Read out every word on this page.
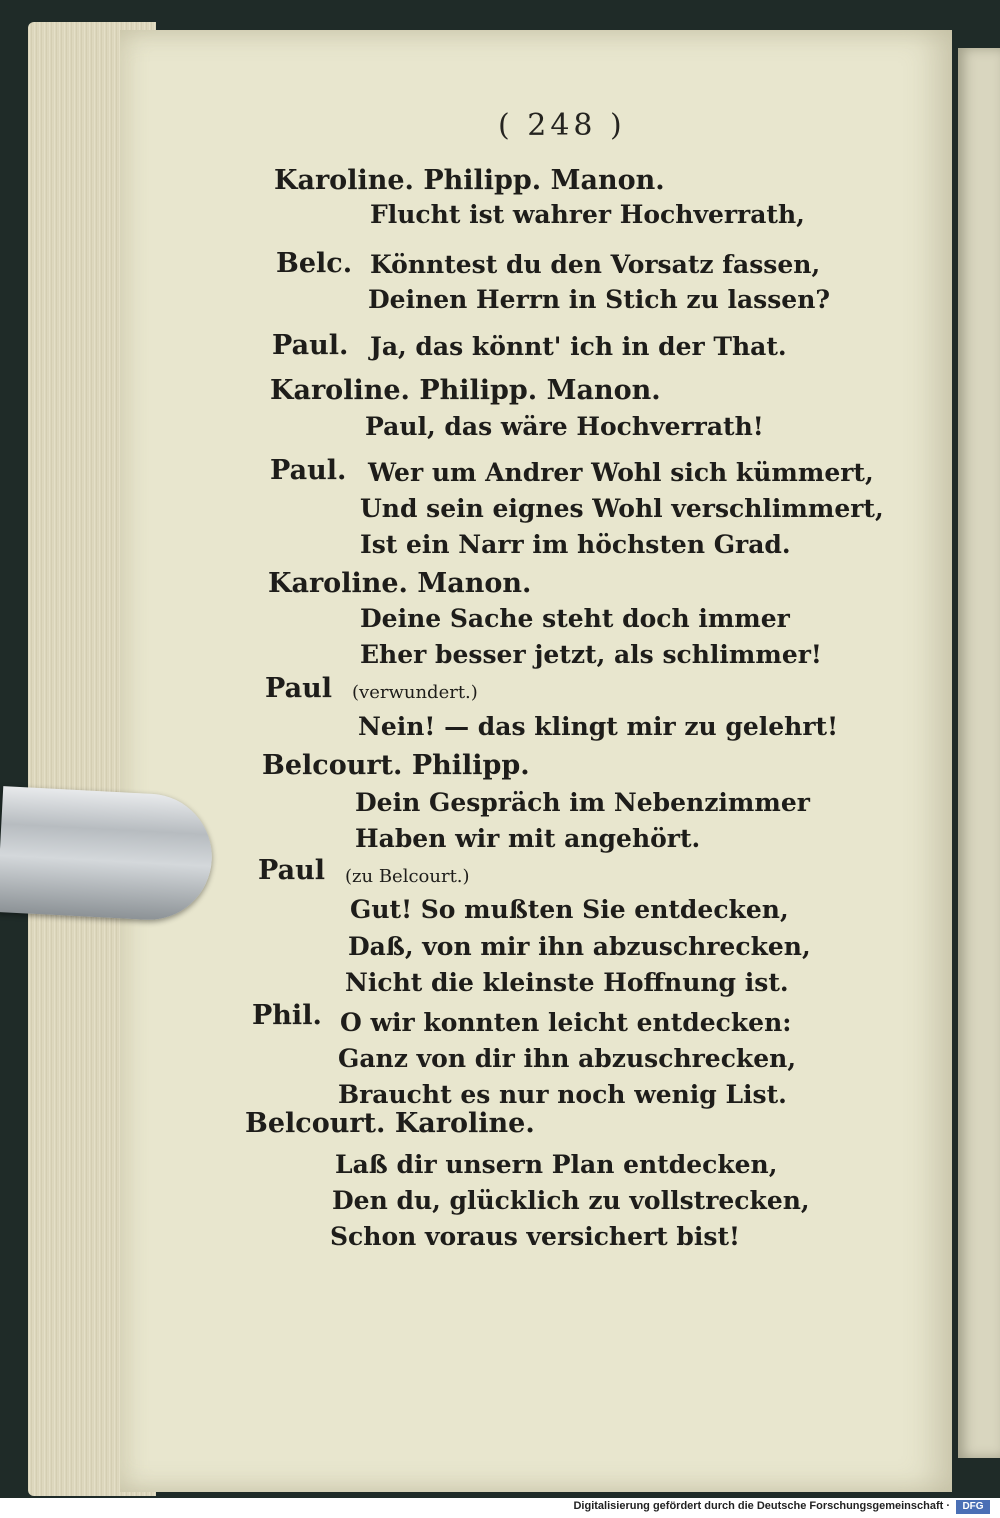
( 248 )
Karoline. Philipp. Manon.
Flucht ist wahrer Hochverrath,
Belc. Könntest du den Vorsatz fassen,
Deinen Herrn in Stich zu lassen?
Paul. Ja, das könnt' ich in der That.
Karoline. Philipp. Manon.
Paul, das wäre Hochverrath!
Paul. Wer um Andrer Wohl sich kümmert,
Und sein eignes Wohl verschlimmert,
Ist ein Narr im höchsten Grad.
Karoline. Manon.
Deine Sache steht doch immer
Eher besser jetzt, als schlimmer!
Paul (verwundert.)
Nein! — das klingt mir zu gelehrt!
Belcourt. Philipp.
Dein Gespräch im Nebenzimmer
Haben wir mit angehört.
Paul (zu Belcourt.)
Gut! So mußten Sie entdecken,
Daß, von mir ihn abzuschrecken,
Nicht die kleinste Hoffnung ist.
Phil. O wir konnten leicht entdecken:
Ganz von dir ihn abzuschrecken,
Braucht es nur noch wenig List.
Belcourt. Karoline.
Laß dir unsern Plan entdecken,
Den du, glücklich zu vollstrecken,
Schon voraus versichert bist!
Digitalisierung gefördert durch die Deutsche Forschungsgemeinschaft ·	DFG
